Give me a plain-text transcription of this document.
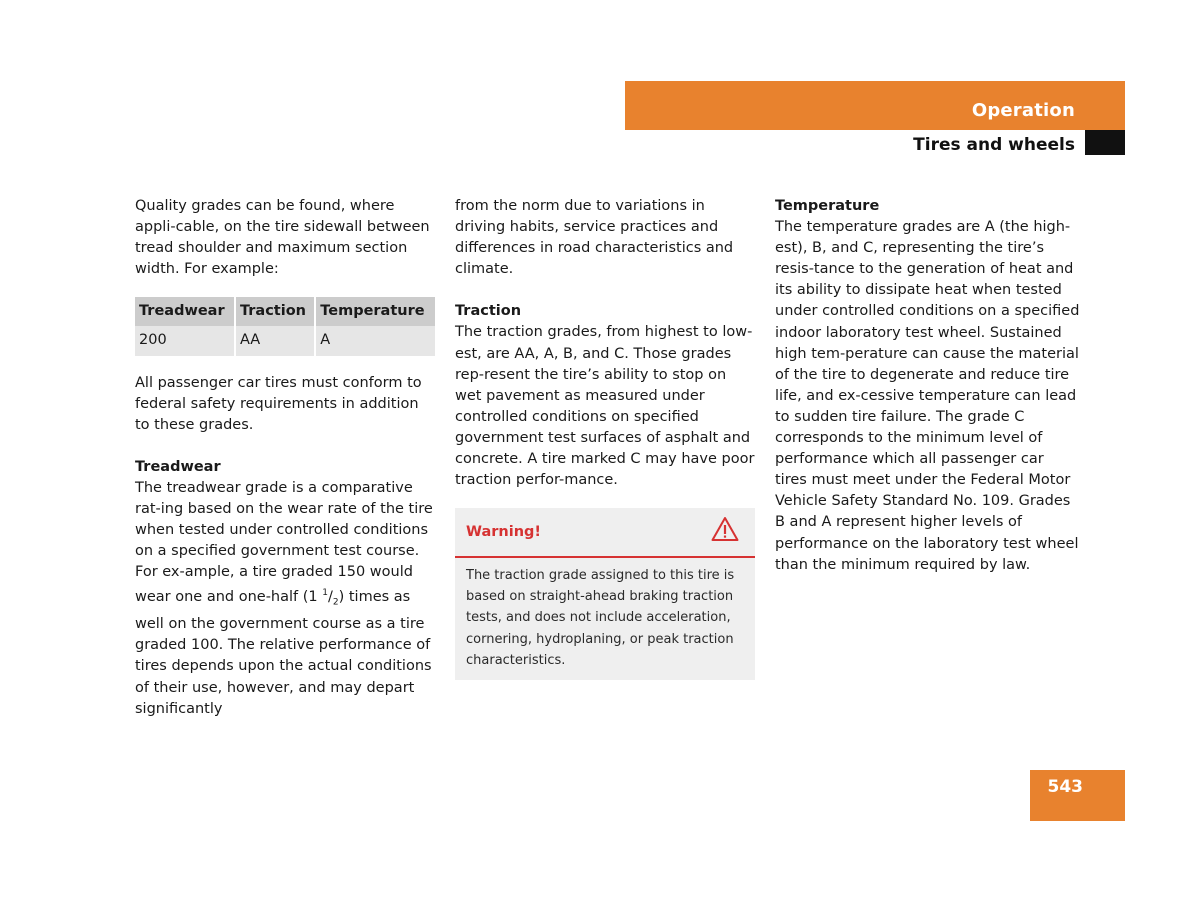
Operation
Tires and wheels

Quality grades can be found, where appli-cable, on the tire sidewall between tread shoulder and maximum section width. For example:

Treadwear	Traction	Temperature
200	AA	A

All passenger car tires must conform to federal safety requirements in addition to these grades.

Treadwear

The treadwear grade is a comparative rat-ing based on the wear rate of the tire when tested under controlled conditions on a specified government test course. For ex-ample, a tire graded 150 would wear one and one-half (1 $^1/_2$) times as well on the government course as a tire graded 100. The relative performance of tires depends upon the actual conditions of their use, however, and may depart significantly

from the norm due to variations in driving habits, service practices and differences in road characteristics and climate.

Traction

The traction grades, from highest to low-est, are AA, A, B, and C. Those grades rep-resent the tire’s ability to stop on wet pavement as measured under controlled conditions on specified government test surfaces of asphalt and concrete. A tire marked C may have poor traction perfor-mance.

Warning!
The traction grade assigned to this tire is based on straight-ahead braking traction tests, and does not include acceleration, cornering, hydroplaning, or peak traction characteristics.

Temperature

The temperature grades are A (the high-est), B, and C, representing the tire’s resis-tance to the generation of heat and its ability to dissipate heat when tested under controlled conditions on a specified indoor laboratory test wheel. Sustained high tem-perature can cause the material of the tire to degenerate and reduce tire life, and ex-cessive temperature can lead to sudden tire failure. The grade C corresponds to the minimum level of performance which all passenger car tires must meet under the Federal Motor Vehicle Safety Standard No. 109. Grades B and A represent higher levels of performance on the laboratory test wheel than the minimum required by law.

543
